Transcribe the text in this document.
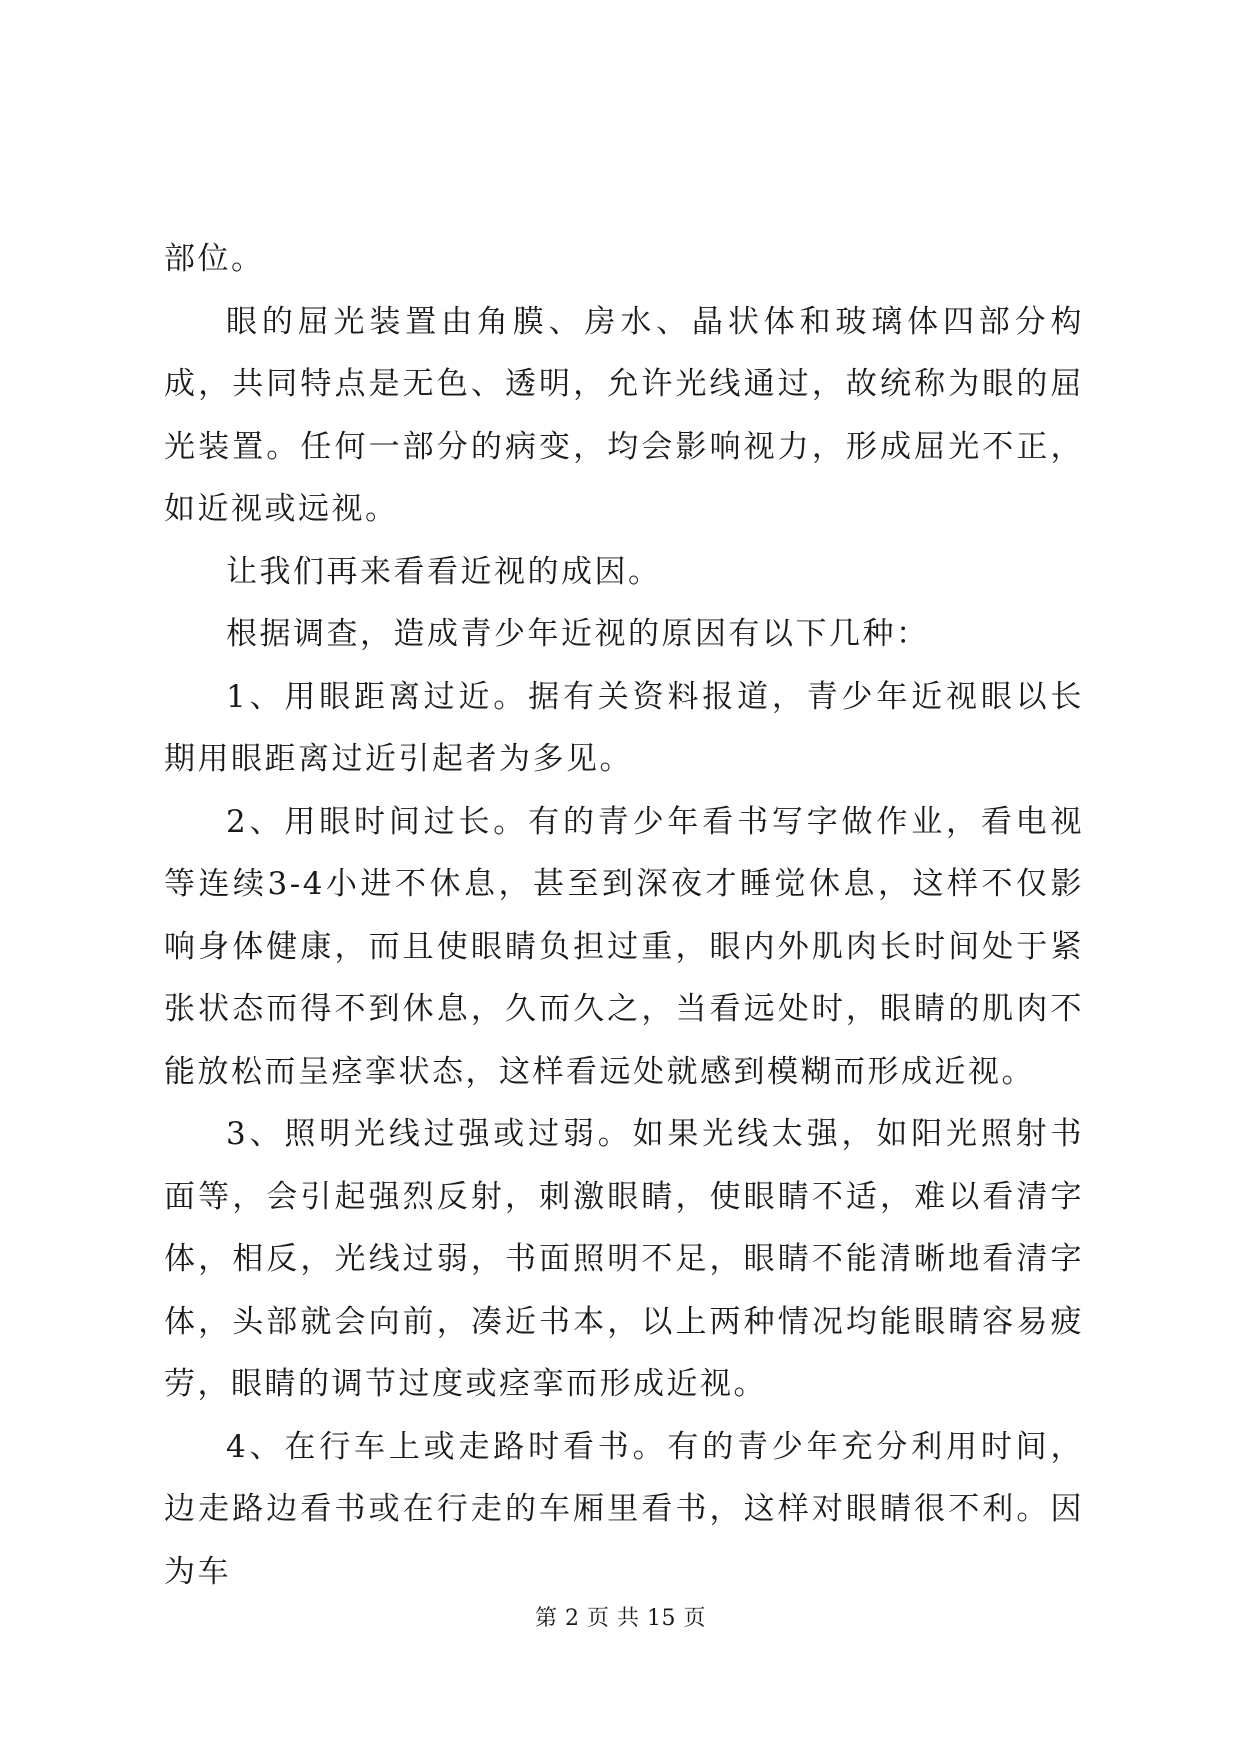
部位。

眼的屈光装置由角膜、房水、晶状体和玻璃体四部分构成，共同特点是无色、透明，允许光线通过，故统称为眼的屈光装置。任何一部分的病变，均会影响视力，形成屈光不正，如近视或远视。

让我们再来看看近视的成因。

根据调查，造成青少年近视的原因有以下几种：

1、用眼距离过近。据有关资料报道，青少年近视眼以长期用眼距离过近引起者为多见。

2、用眼时间过长。有的青少年看书写字做作业，看电视等连续3-4小进不休息，甚至到深夜才睡觉休息，这样不仅影响身体健康，而且使眼睛负担过重，眼内外肌肉长时间处于紧张状态而得不到休息，久而久之，当看远处时，眼睛的肌肉不能放松而呈痉挛状态，这样看远处就感到模糊而形成近视。

3、照明光线过强或过弱。如果光线太强，如阳光照射书面等，会引起强烈反射，刺激眼睛，使眼睛不适，难以看清字体，相反，光线过弱，书面照明不足，眼睛不能清晰地看清字体，头部就会向前，凑近书本，以上两种情况均能眼睛容易疲劳，眼睛的调节过度或痉挛而形成近视。

4、在行车上或走路时看书。有的青少年充分利用时间，边走路边看书或在行走的车厢里看书，这样对眼睛很不利。因为车

第 2 页 共 15 页
